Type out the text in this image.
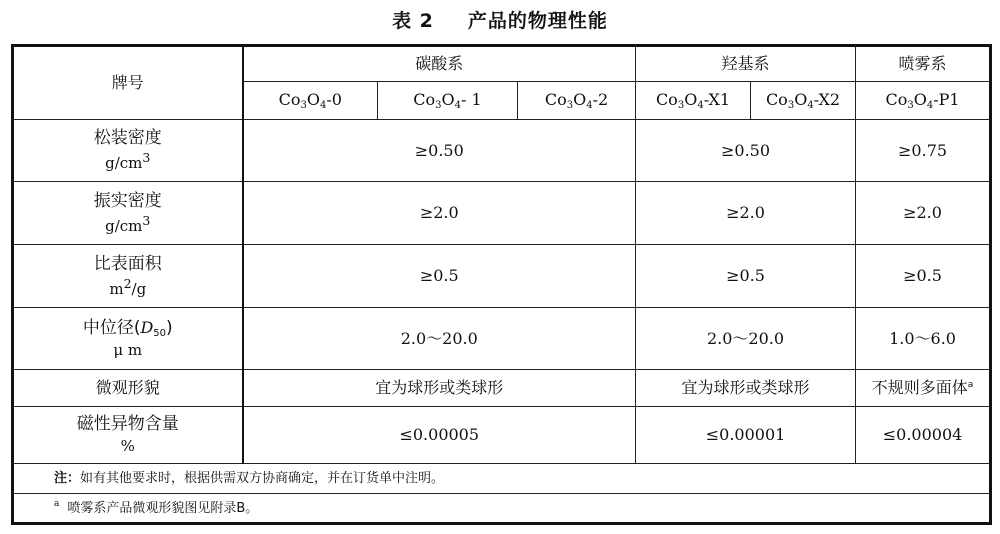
表 2 产品的物理性能
牌号	碳酸系			羟基系		喷雾系
	$Co_3O_4-0$	$Co_3O_4-$ 1	$Co_3O_4-2$	$Co_3O_4-X1$	$Co_3O_4-X2$	$Co_3O_4-P1$

松装密度
$g/cm^3$	≥0.50			≥0.50		≥0.75

振实密度
$g/cm^3$	≥2.0			≥2.0		≥2.0

比表面积
$m^2/g$	≥0.5			≥0.5		≥0.5

中位径$(D_{50})$
μ m	2.0～20.0			2.0～20.0		1.0～6.0
微观形貌	宜为球形或类球形			宜为球形或类球形		不规则多面体$^a$

磁性异物含量
%	≤0.00005			≤0.00001		≤0.00004
注：如有其他要求时，根据供需双方协商确定，并在订货单中注明。						
$^a$ 喷雾系产品微观形貌图见附录B。						
